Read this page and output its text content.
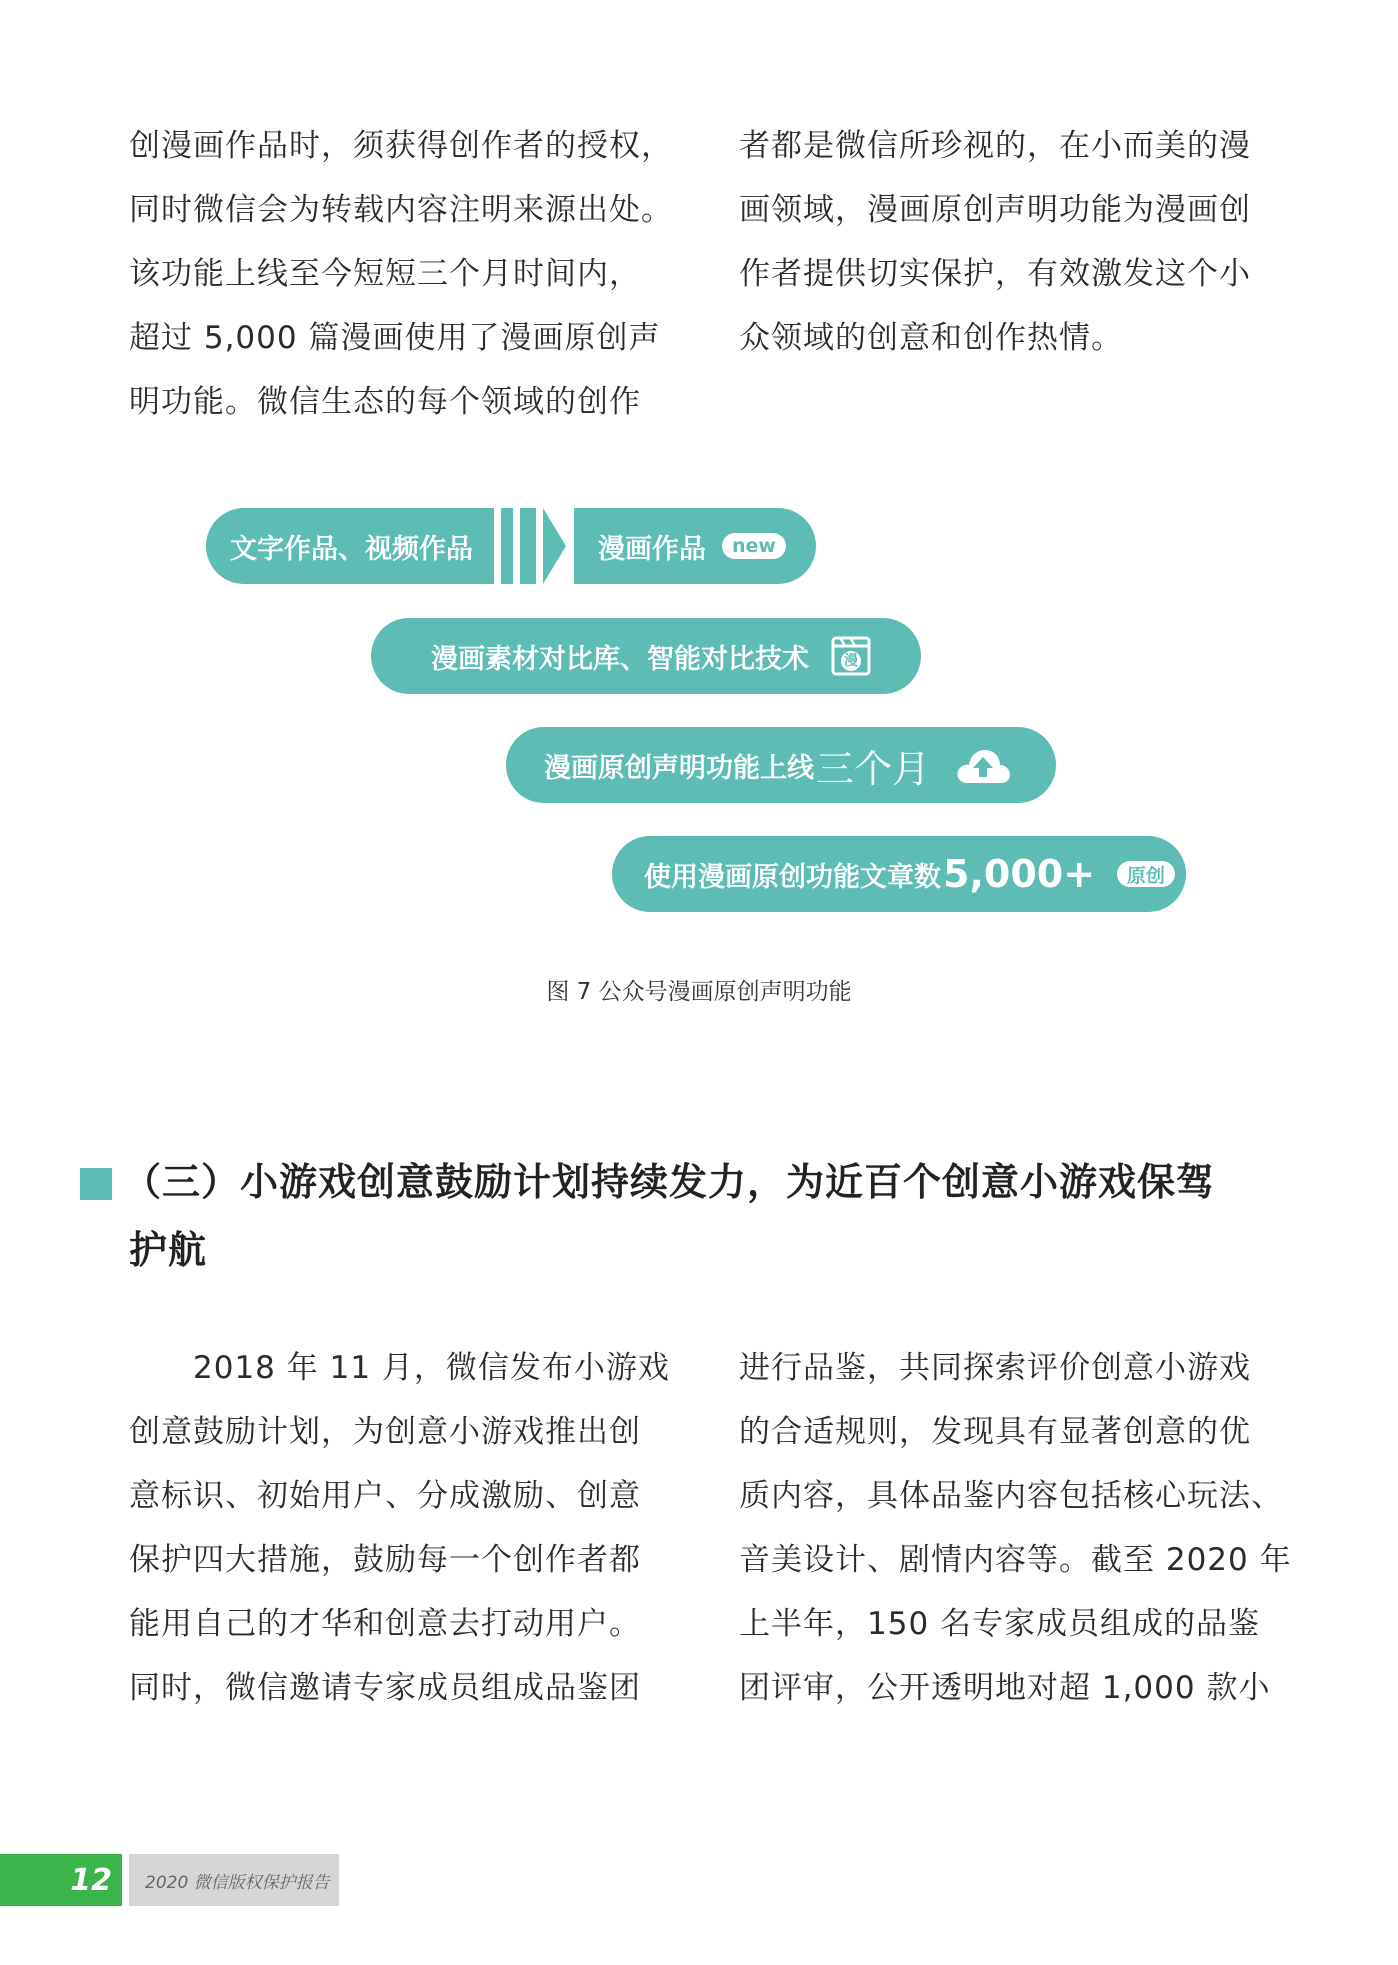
创漫画作品时，须获得创作者的授权，
同时微信会为转载内容注明来源出处。
该功能上线至今短短三个月时间内，
超过 5,000 篇漫画使用了漫画原创声
明功能。微信生态的每个领域的创作
者都是微信所珍视的，在小而美的漫
画领域，漫画原创声明功能为漫画创
作者提供切实保护，有效激发这个小
众领域的创意和创作热情。
文字作品、视频作品	漫画作品	new
漫画素材对比库、智能对比技术	漫
漫画原创声明功能上线 三个月
使用漫画原创功能文章数 5,000+	原创
图 7 公众号漫画原创声明功能
（三）小游戏创意鼓励计划持续发力，为近百个创意小游戏保驾
护航
　　2018 年 11 月，微信发布小游戏
创意鼓励计划，为创意小游戏推出创
意标识、初始用户、分成激励、创意
保护四大措施，鼓励每一个创作者都
能用自己的才华和创意去打动用户。
同时，微信邀请专家成员组成品鉴团
进行品鉴，共同探索评价创意小游戏
的合适规则，发现具有显著创意的优
质内容，具体品鉴内容包括核心玩法、
音美设计、剧情内容等。截至 2020 年
上半年，150 名专家成员组成的品鉴
团评审，公开透明地对超 1,000 款小
12	2020 微信版权保护报告
